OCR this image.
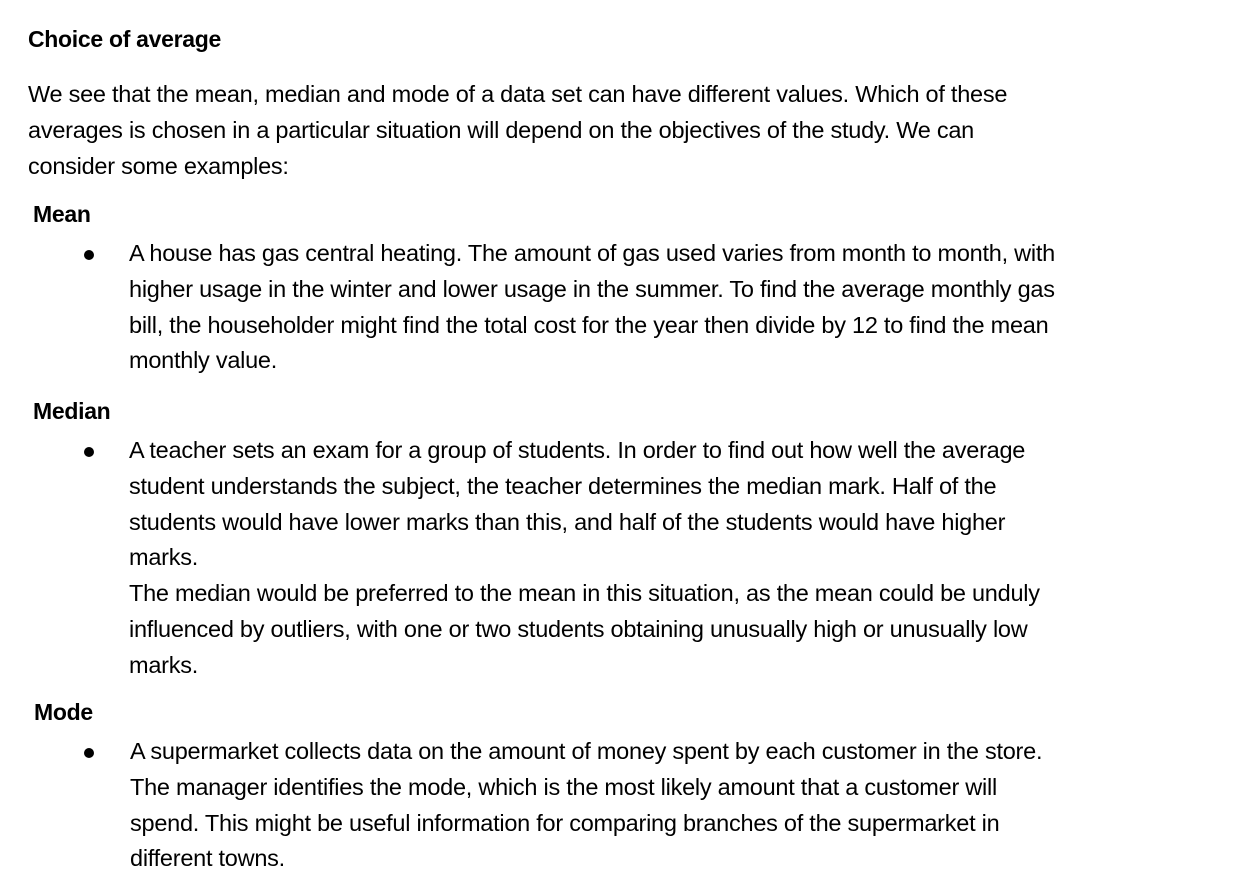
Choice of average
We see that the mean, median and mode of a data set can have different values. Which of these
averages is chosen in a particular situation will depend on the objectives of the study. We can
consider some examples:
Mean
A house has gas central heating. The amount of gas used varies from month to month, with
higher usage in the winter and lower usage in the summer. To find the average monthly gas
bill, the householder might find the total cost for the year then divide by 12 to find the mean
monthly value.
Median
A teacher sets an exam for a group of students. In order to find out how well the average
student understands the subject, the teacher determines the median mark. Half of the
students would have lower marks than this, and half of the students would have higher
marks.
The median would be preferred to the mean in this situation, as the mean could be unduly
influenced by outliers, with one or two students obtaining unusually high or unusually low
marks.
Mode
A supermarket collects data on the amount of money spent by each customer in the store.
The manager identifies the mode, which is the most likely amount that a customer will
spend. This might be useful information for comparing branches of the supermarket in
different towns.
